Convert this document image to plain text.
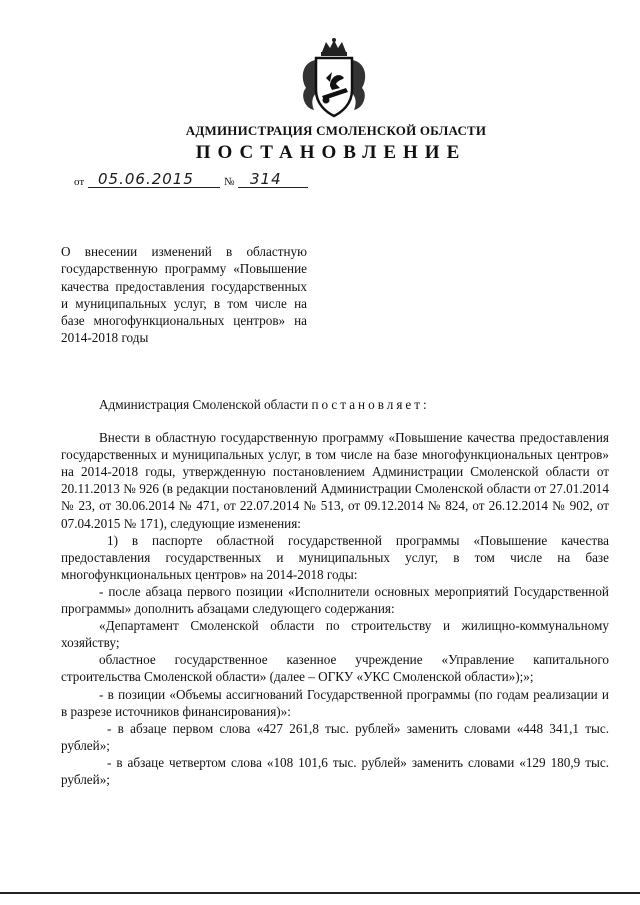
АДМИНИСТРАЦИЯ СМОЛЕНСКОЙ ОБЛАСТИ
ПОСТАНОВЛЕНИЕ
от 05.06.2015	№ 314
О внесении изменений в областную государственную программу «Повышение качества предоставления государственных и муниципальных услуг, в том числе на базе многофункциональных центров» на 2014-2018 годы

Администрация Смоленской области постановляет:

Внести в областную государственную программу «Повышение качества предоставления государственных и муниципальных услуг, в том числе на базе многофункциональных центров» на 2014-2018 годы, утвержденную постановлением Администрации Смоленской области от 20.11.2013 № 926 (в редакции постановлений Администрации Смоленской области от 27.01.2014 № 23, от 30.06.2014 № 471, от 22.07.2014 № 513, от 09.12.2014 № 824, от 26.12.2014 № 902, от 07.04.2015 № 171), следующие изменения:

1) в паспорте областной государственной программы «Повышение качества предоставления государственных и муниципальных услуг, в том числе на базе многофункциональных центров» на 2014-2018 годы:

- после абзаца первого позиции «Исполнители основных мероприятий Государственной программы» дополнить абзацами следующего содержания:

«Департамент Смоленской области по строительству и жилищно-коммунальному хозяйству;

областное государственное казенное учреждение «Управление капитального строительства Смоленской области» (далее – ОГКУ «УКС Смоленской области»);»;

- в позиции «Объемы ассигнований Государственной программы (по годам реализации и в разрезе источников финансирования)»:

- в абзаце первом слова «427 261,8 тыс. рублей» заменить словами «448 341,1 тыс. рублей»;

- в абзаце четвертом слова «108 101,6 тыс. рублей» заменить словами «129 180,9 тыс. рублей»;
